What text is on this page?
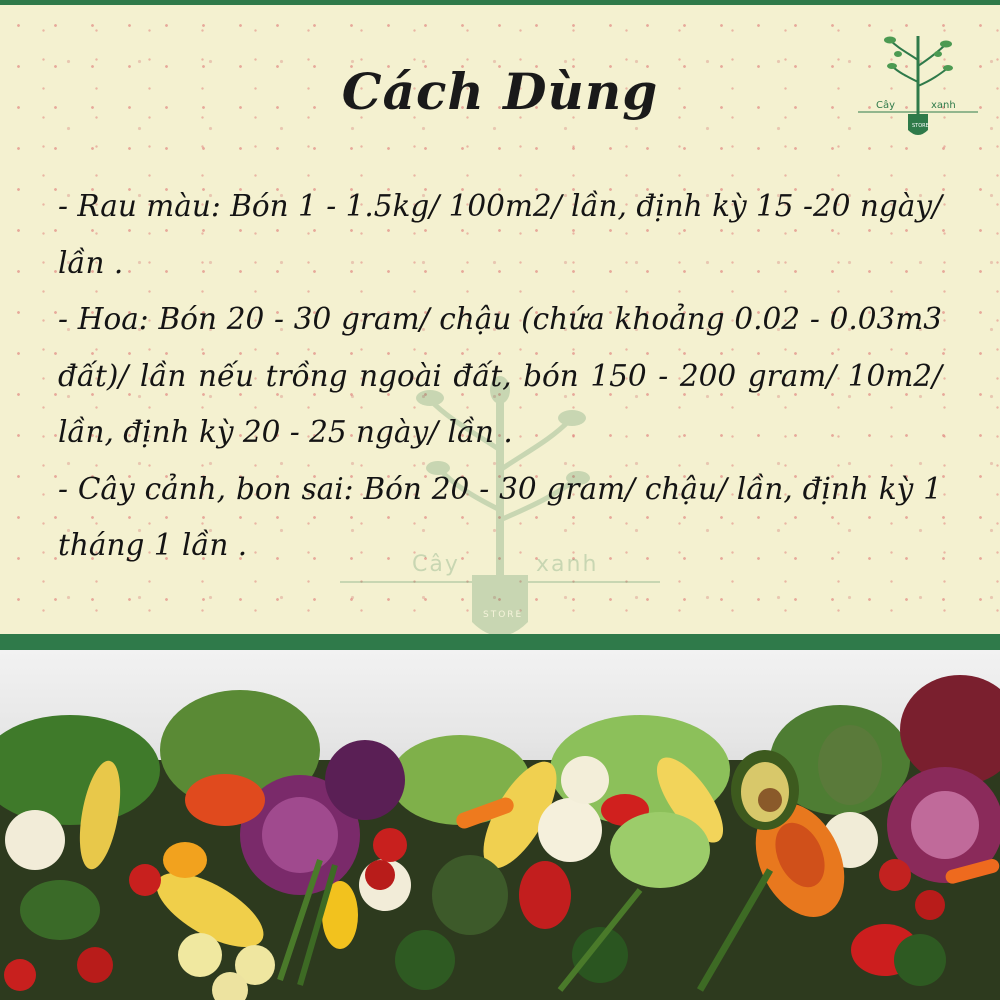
Cây	xanh
STORE
Cây	xanh
STORE
Cách Dùng

- Rau màu: Bón 1 - 1.5kg/ 100m2/ lần, định kỳ 15 -20 ngày/ lần .

- Hoa: Bón 20 - 30 gram/ chậu (chứa khoảng 0.02 - 0.03m3 đất)/ lần nếu trồng ngoài đất, bón 150 - 200 gram/ 10m2/ lần, định kỳ 20 - 25 ngày/ lần .

- Cây cảnh, bon sai: Bón 20 - 30 gram/ chậu/ lần, định kỳ 1 tháng 1 lần .
